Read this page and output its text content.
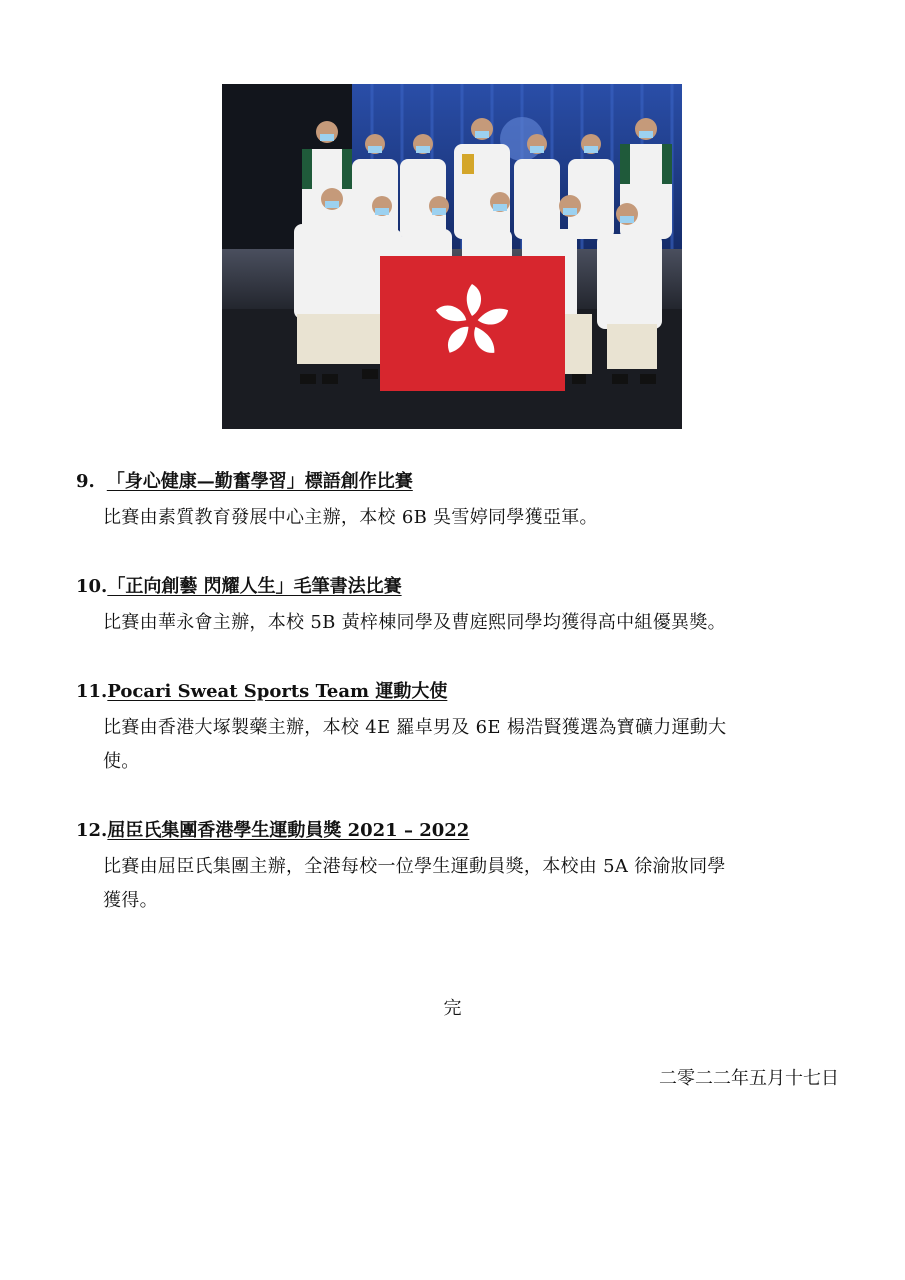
9. 「身心健康—勤奮學習」標語創作比賽
比賽由素質教育發展中心主辦，本校 6B 吳雪婷同學獲亞軍。
10.「正向創藝 閃耀人生」毛筆書法比賽
比賽由華永會主辦，本校 5B 黃梓棟同學及曹庭熙同學均獲得高中組優異獎。
11.Pocari Sweat Sports Team 運動大使
比賽由香港大塚製藥主辦，本校 4E 羅卓男及 6E 楊浩賢獲選為寶礦力運動大
使。
12.屈臣氏集團香港學生運動員獎 2021 – 2022
比賽由屈臣氏集團主辦，全港每校一位學生運動員獎，本校由 5A 徐渝妝同學
獲得。
完
二零二二年五月十七日
